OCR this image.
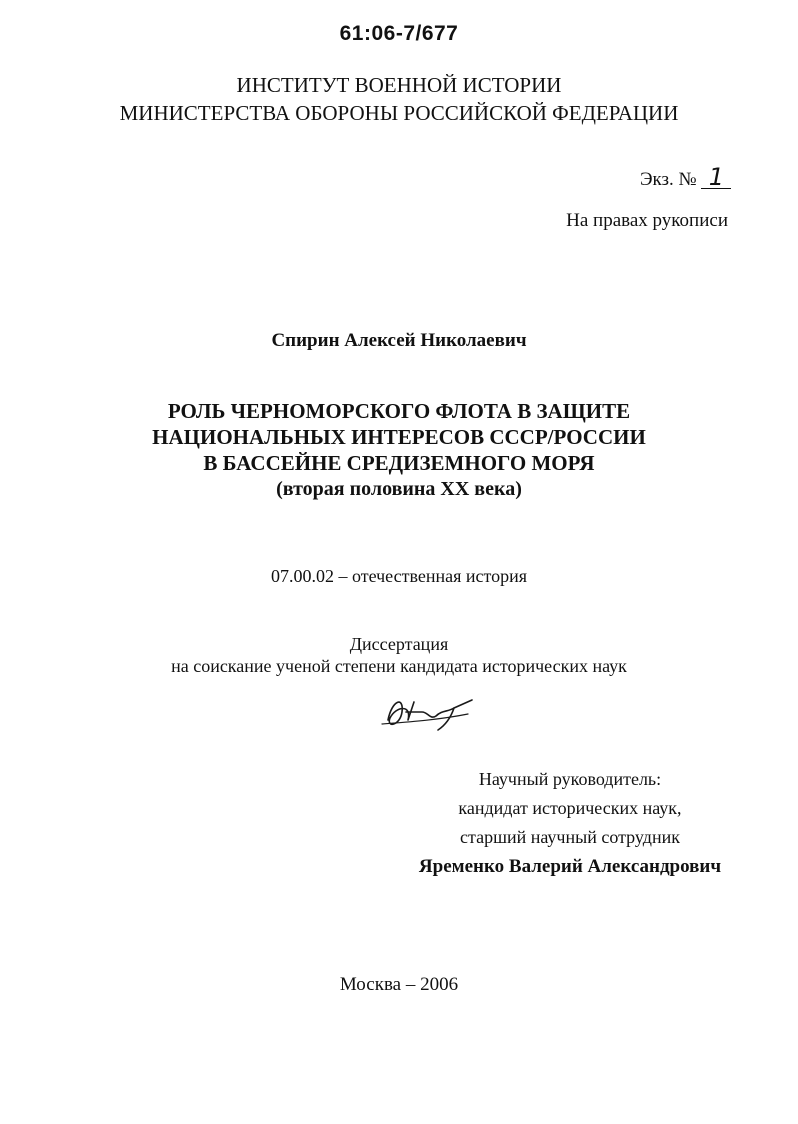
61:06-7/677
ИНСТИТУТ ВОЕННОЙ ИСТОРИИ
МИНИСТЕРСТВА ОБОРОНЫ РОССИЙСКОЙ ФЕДЕРАЦИИ
Экз. № 1
На правах рукописи
Спирин Алексей Николаевич
РОЛЬ ЧЕРНОМОРСКОГО ФЛОТА В ЗАЩИТЕ
НАЦИОНАЛЬНЫХ ИНТЕРЕСОВ СССР/РОССИИ
В БАССЕЙНЕ СРЕДИЗЕМНОГО МОРЯ
(вторая половина XX века)
07.00.02 – отечественная история
Диссертация
на соискание ученой степени кандидата исторических наук
Научный руководитель:
кандидат исторических наук,
старший научный сотрудник
Яременко Валерий Александрович
Москва – 2006
